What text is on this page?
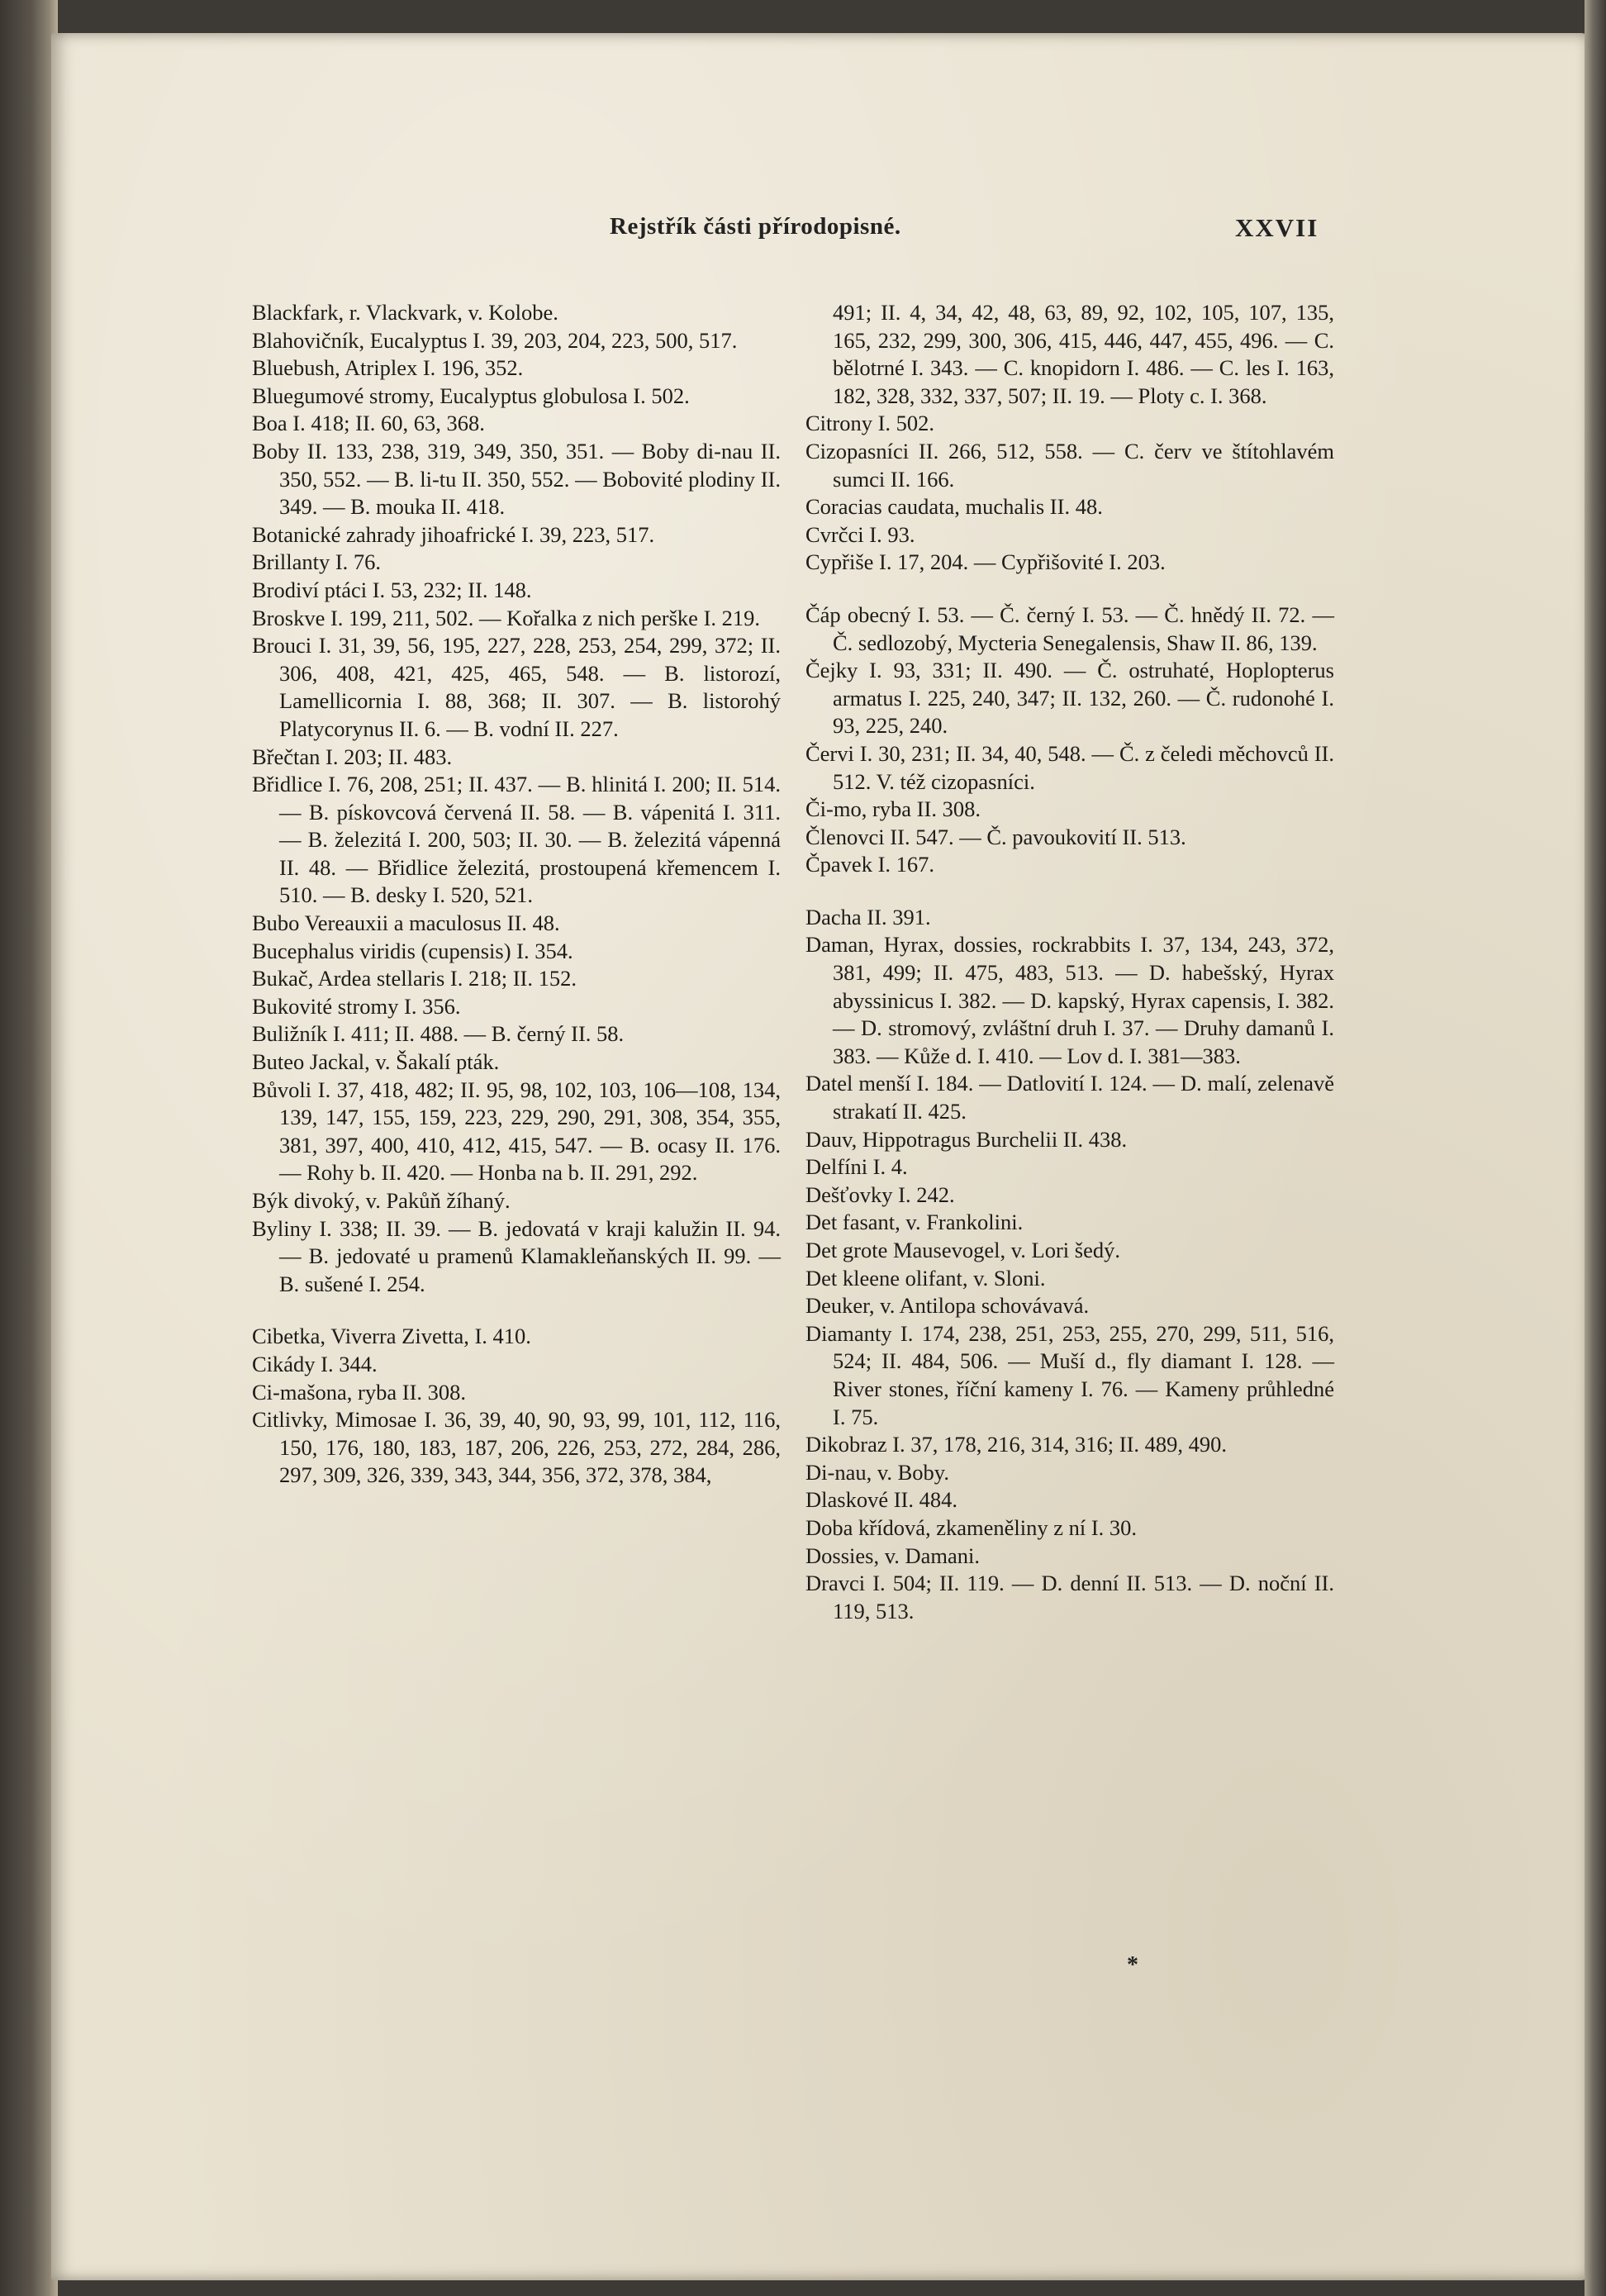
Rejstřík části přírodopisné.	XXVII

Blackfark, r. Vlackvark, v. Kolobe.

Blahovičník, Eucalyptus I. 39, 203, 204, 223, 500, 517.

Bluebush, Atriplex I. 196, 352.

Bluegumové stromy, Eucalyptus globulosa I. 502.

Boa I. 418; II. 60, 63, 368.

Boby II. 133, 238, 319, 349, 350, 351. — Boby di-nau II. 350, 552. — B. li-tu II. 350, 552. — Bobovité plodiny II. 349. — B. mouka II. 418.

Botanické zahrady jihoafrické I. 39, 223, 517.

Brillanty I. 76.

Brodiví ptáci I. 53, 232; II. 148.

Broskve I. 199, 211, 502. — Kořalka z nich perške I. 219.

Brouci I. 31, 39, 56, 195, 227, 228, 253, 254, 299, 372; II. 306, 408, 421, 425, 465, 548. — B. listorozí, Lamellicornia I. 88, 368; II. 307. — B. listorohý Platycorynus II. 6. — B. vodní II. 227.

Břečtan I. 203; II. 483.

Břidlice I. 76, 208, 251; II. 437. — B. hlinitá I. 200; II. 514. — B. pískovcová červená II. 58. — B. vápenitá I. 311. — B. železitá I. 200, 503; II. 30. — B. železitá vápenná II. 48. — Břidlice železitá, prostoupená křemencem I. 510. — B. desky I. 520, 521.

Bubo Vereauxii a maculosus II. 48.

Bucephalus viridis (cupensis) I. 354.

Bukač, Ardea stellaris I. 218; II. 152.

Bukovité stromy I. 356.

Buližník I. 411; II. 488. — B. černý II. 58.

Buteo Jackal, v. Šakalí pták.

Bůvoli I. 37, 418, 482; II. 95, 98, 102, 103, 106—108, 134, 139, 147, 155, 159, 223, 229, 290, 291, 308, 354, 355, 381, 397, 400, 410, 412, 415, 547. — B. ocasy II. 176. — Rohy b. II. 420. — Honba na b. II. 291, 292.

Býk divoký, v. Pakůň žíhaný.

Byliny I. 338; II. 39. — B. jedovatá v kraji kalužin II. 94. — B. jedovaté u pramenů Klamakleňanských II. 99. — B. sušené I. 254.

Cibetka, Viverra Zivetta, I. 410.

Cikády I. 344.

Ci-mašona, ryba II. 308.

Citlivky, Mimosae I. 36, 39, 40, 90, 93, 99, 101, 112, 116, 150, 176, 180, 183, 187, 206, 226, 253, 272, 284, 286, 297, 309, 326, 339, 343, 344, 356, 372, 378, 384,

491; II. 4, 34, 42, 48, 63, 89, 92, 102, 105, 107, 135, 165, 232, 299, 300, 306, 415, 446, 447, 455, 496. — C. bělotrné I. 343. — C. knopidorn I. 486. — C. les I. 163, 182, 328, 332, 337, 507; II. 19. — Ploty c. I. 368.

Citrony I. 502.

Cizopasníci II. 266, 512, 558. — C. červ ve štítohlavém sumci II. 166.

Coracias caudata, muchalis II. 48.

Cvrčci I. 93.

Cypřiše I. 17, 204. — Cypřišovité I. 203.

Čáp obecný I. 53. — Č. černý I. 53. — Č. hnědý II. 72. — Č. sedlozobý, Mycteria Senegalensis, Shaw II. 86, 139.

Čejky I. 93, 331; II. 490. — Č. ostruhaté, Hoplopterus armatus I. 225, 240, 347; II. 132, 260. — Č. rudonohé I. 93, 225, 240.

Červi I. 30, 231; II. 34, 40, 548. — Č. z čeledi měchovců II. 512. V. též cizopasníci.

Či-mo, ryba II. 308.

Členovci II. 547. — Č. pavoukovití II. 513.

Čpavek I. 167.

Dacha II. 391.

Daman, Hyrax, dossies, rockrabbits I. 37, 134, 243, 372, 381, 499; II. 475, 483, 513. — D. habešský, Hyrax abyssinicus I. 382. — D. kapský, Hyrax capensis, I. 382. — D. stromový, zvláštní druh I. 37. — Druhy damanů I. 383. — Kůže d. I. 410. — Lov d. I. 381—383.

Datel menší I. 184. — Datlovití I. 124. — D. malí, zelenavě strakatí II. 425.

Dauv, Hippotragus Burchelii II. 438.

Delfíni I. 4.

Dešťovky I. 242.

Det fasant, v. Frankolini.

Det grote Mausevogel, v. Lori šedý.

Det kleene olifant, v. Sloni.

Deuker, v. Antilopa schovávavá.

Diamanty I. 174, 238, 251, 253, 255, 270, 299, 511, 516, 524; II. 484, 506. — Muší d., fly diamant I. 128. — River stones, říční kameny I. 76. — Kameny průhledné I. 75.

Dikobraz I. 37, 178, 216, 314, 316; II. 489, 490.

Di-nau, v. Boby.

Dlaskové II. 484.

Doba křídová, zkameněliny z ní I. 30.

Dossies, v. Damani.

Dravci I. 504; II. 119. — D. denní II. 513. — D. noční II. 119, 513.

*
